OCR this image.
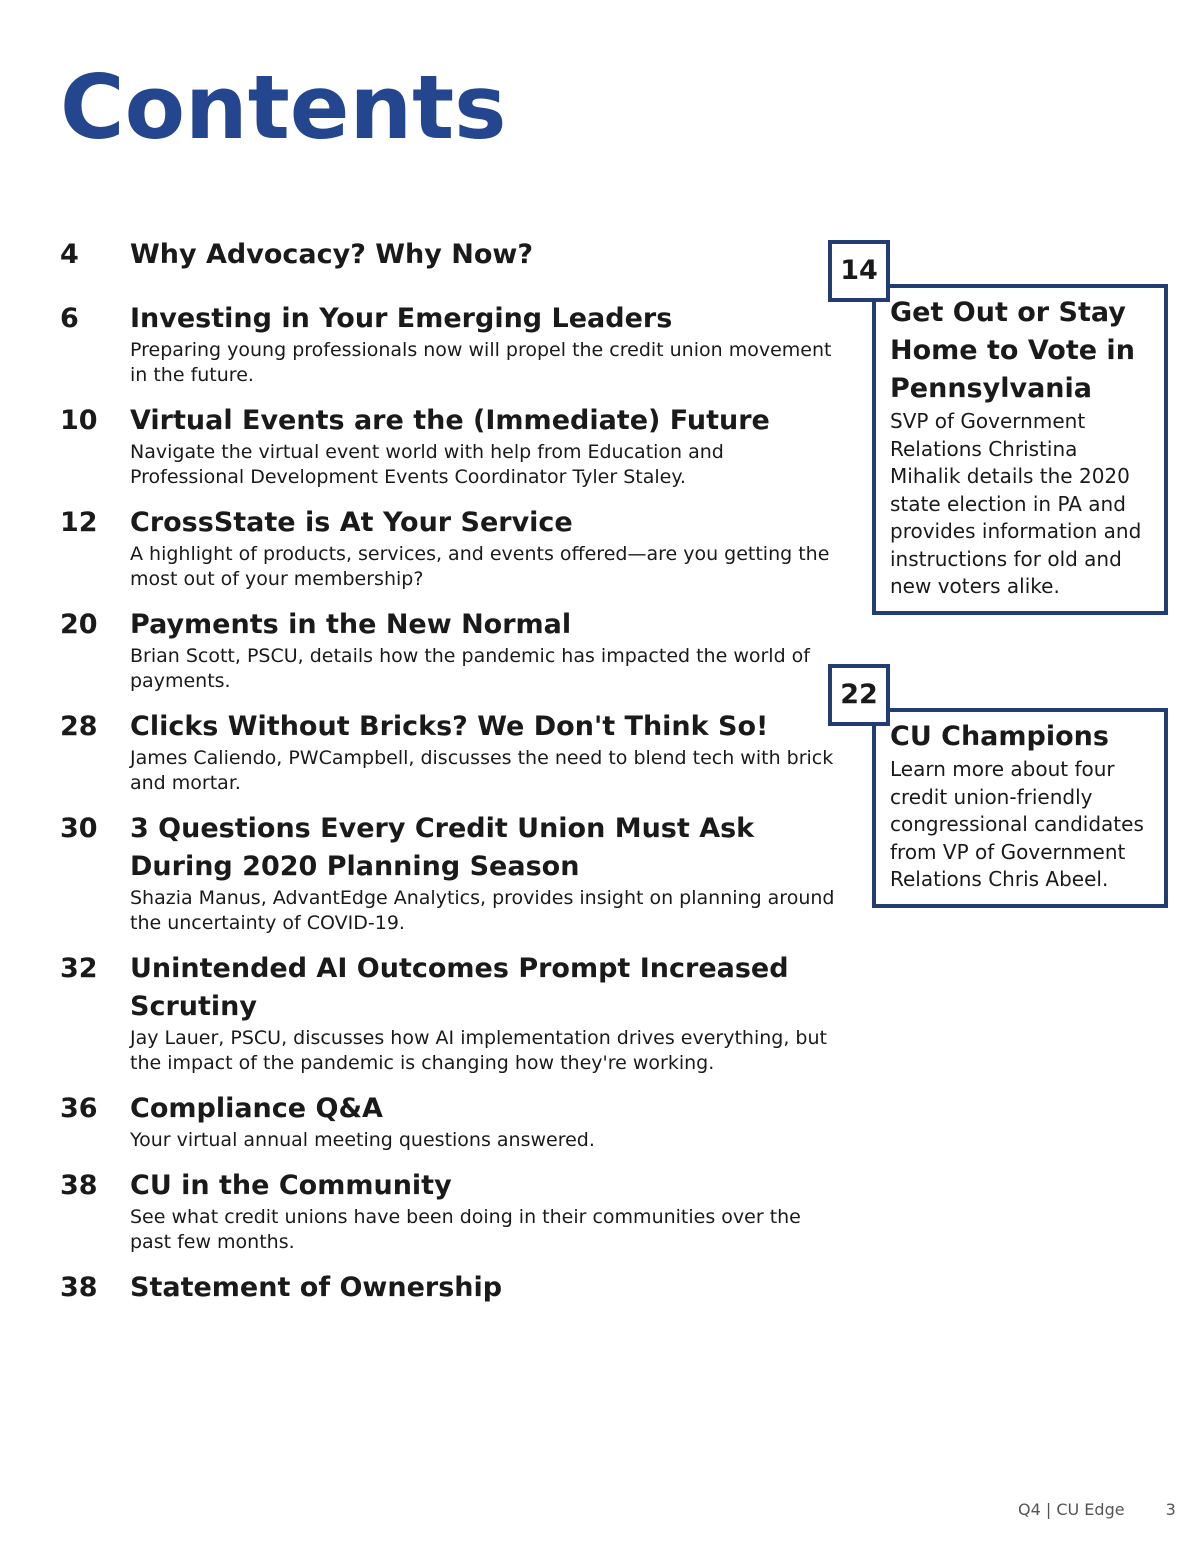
Contents
4 Why Advocacy? Why Now?
6 Investing in Your Emerging Leaders
Preparing young professionals now will propel the credit union movement in the future.
10 Virtual Events are the (Immediate) Future
Navigate the virtual event world with help from Education and Professional Development Events Coordinator Tyler Staley.
12 CrossState is At Your Service
A highlight of products, services, and events offered—are you getting the most out of your membership?
20 Payments in the New Normal
Brian Scott, PSCU, details how the pandemic has impacted the world of payments.
28 Clicks Without Bricks? We Don't Think So!
James Caliendo, PWCampbell, discusses the need to blend tech with brick and mortar.
30 3 Questions Every Credit Union Must Ask During 2020 Planning Season
Shazia Manus, AdvantEdge Analytics, provides insight on planning around the uncertainty of COVID-19.
32 Unintended AI Outcomes Prompt Increased Scrutiny
Jay Lauer, PSCU, discusses how AI implementation drives everything, but the impact of the pandemic is changing how they're working.
36 Compliance Q&A
Your virtual annual meeting questions answered.
38 CU in the Community
See what credit unions have been doing in their communities over the past few months.
38 Statement of Ownership
14
Get Out or Stay Home to Vote in Pennsylvania
SVP of Government Relations Christina Mihalik details the 2020 state election in PA and provides information and instructions for old and new voters alike.
22
CU Champions
Learn more about four credit union-friendly congressional candidates from VP of Government Relations Chris Abeel.
Q4 | CU Edge	3
